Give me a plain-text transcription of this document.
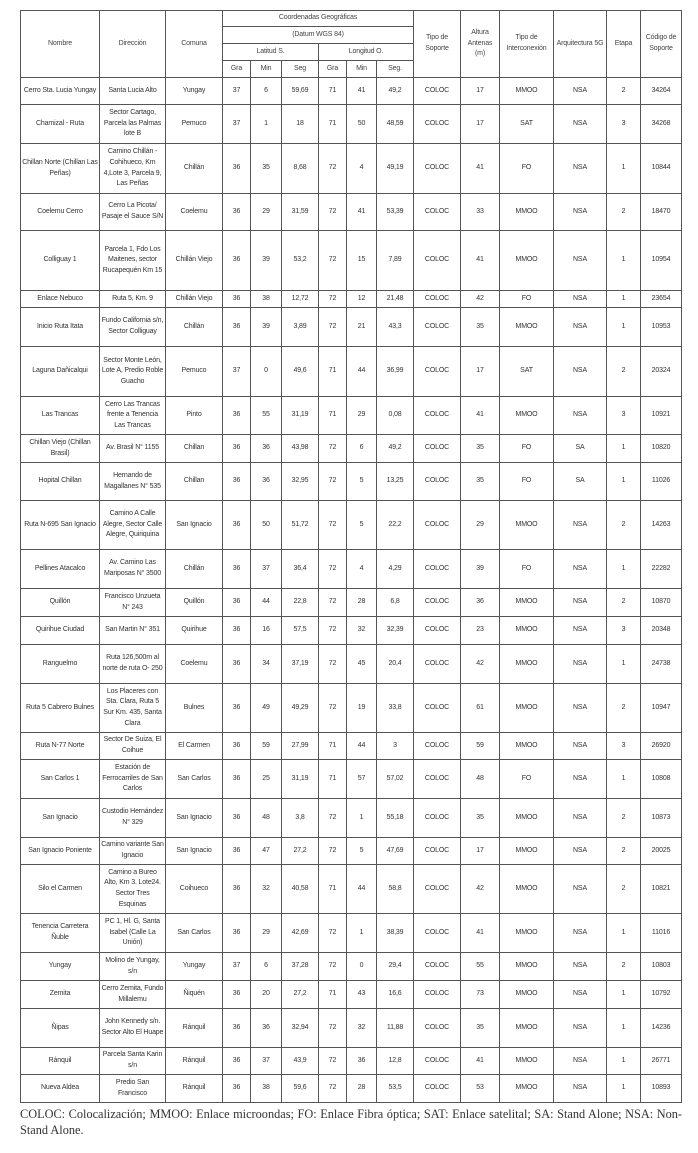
Nombre	Dirección	Comuna	Coordenadas Geográficas						Tipo de Soporte	Altura Antenas (m)	Tipo de Interconexión	Arquitectura 5G	Etapa	Código de Soporte
			(Datum WGS 84)											
			Latitud S.			Longitud O.								
			Gra	Min	Seg	Gra	Min	Seg.						
Cerro Sta. Lucia Yungay	Santa Lucia Alto	Yungay	37	6	59,69	71	41	49,2	COLOC	17	MMOO	NSA	2	34264
Chamizal - Ruta	Sector Cartago, Parcela las Palmas lote B	Pemuco	37	1	18	71	50	48,59	COLOC	17	SAT	NSA	3	34268
Chillan Norte (Chillan Las Peñas)	Camino Chillán - Cohihueco, Km 4,Lote 3, Parcela 9, Las Peñas	Chillán	36	35	8,68	72	4	49,19	COLOC	41	FO	NSA	1	10844
Coelemu Cerro	Cerro La Picota/ Pasaje el Sauce S/N	Coelemu	36	29	31,59	72	41	53,39	COLOC	33	MMOO	NSA	2	18470
Colliguay 1	Parcela 1, Fdo Los Maitenes, sector Rucapequén Km 15	Chillán Viejo	36	39	53,2	72	15	7,89	COLOC	41	MMOO	NSA	1	10954
Enlace Nebuco	Ruta 5, Km. 9	Chillán Viejo	36	38	12,72	72	12	21,48	COLOC	42	FO	NSA	1	23654
Inicio Ruta Itata	Fundo California s/n, Sector Colliguay	Chillán	36	39	3,89	72	21	43,3	COLOC	35	MMOO	NSA	1	10953
Laguna Dañicalqui	Sector Monte León, Lote A, Predio Roble Guacho	Pemuco	37	0	49,6	71	44	36,99	COLOC	17	SAT	NSA	2	20324
Las Trancas	Cerro Las Trancas frente a Tenencia Las Trancas	Pinto	36	55	31,19	71	29	0,08	COLOC	41	MMOO	NSA	3	10921
Chillan Viejo (Chillan Brasil)	Av. Brasil N° 1155	Chillan	36	36	43,98	72	6	49,2	COLOC	35	FO	SA	1	10820
Hopital Chillan	Hernando de Magallanes N° 535	Chillan	36	36	32,95	72	5	13,25	COLOC	35	FO	SA	1	11026
Ruta N-695 San Ignacio	Camino A Calle Alegre, Sector Calle Alegre, Quiriquina	San Ignacio	36	50	51,72	72	5	22,2	COLOC	29	MMOO	NSA	2	14263
Pellines Atacalco	Av. Camino Las Mariposas N° 3500	Chillán	36	37	36,4	72	4	4,29	COLOC	39	FO	NSA	1	22282
Quillón	Francisco Unzueta N° 243	Quillón	36	44	22,8	72	28	6,8	COLOC	36	MMOO	NSA	2	10870
Quirihue Ciudad	San Martin N° 351	Quirihue	36	16	57,5	72	32	32,39	COLOC	23	MMOO	NSA	3	20348
Ranguelmo	Ruta 126,500m al norte de ruta O- 250	Coelemu	36	34	37,19	72	45	20,4	COLOC	42	MMOO	NSA	1	24738
Ruta 5 Cabrero Bulnes	Los Placeres con Sta. Clara, Ruta 5 Sur Km. 435, Santa Clara	Bulnes	36	49	49,29	72	19	33,8	COLOC	61	MMOO	NSA	2	10947
Ruta N-77 Norte	Sector De Suiza, El Coihue	El Carmen	36	59	27,99	71	44	3	COLOC	59	MMOO	NSA	3	26920
San Carlos 1	Estación de Ferrocarriles de San Carlos	San Carlos	36	25	31,19	71	57	57,02	COLOC	48	FO	NSA	1	10808
San Ignacio	Custodio Hernández N° 329	San Ignacio	36	48	3,8	72	1	55,18	COLOC	35	MMOO	NSA	2	10873
San Ignacio Poniente	Camino variante San Ignacio	San Ignacio	36	47	27,2	72	5	47,69	COLOC	17	MMOO	NSA	2	20025
Silo el Carmen	Camino a Bureo Alto, Km 3. Lote24. Sector Tres Esquinas	Coihueco	36	32	40,58	71	44	58,8	COLOC	42	MMOO	NSA	2	10821
Tenencia Carretera Ñuble	PC 1, Hl. G, Santa Isabel (Calle La Unión)	San Carlos	36	29	42,69	72	1	38,39	COLOC	41	MMOO	NSA	1	11016
Yungay	Molino de Yungay, s/n	Yungay	37	6	37,28	72	0	29,4	COLOC	55	MMOO	NSA	2	10803
Zemita	Cerro Zemita, Fundo Millalemu	Ñiquén	36	20	27,2	71	43	16,6	COLOC	73	MMOO	NSA	1	10792
Ñipas	John Kennedy s/n. Sector Alto El Huape	Ránquil	36	36	32,94	72	32	11,88	COLOC	35	MMOO	NSA	1	14236
Ránquil	Parcela Santa Karin s/n	Ránquil	36	37	43,9	72	36	12,8	COLOC	41	MMOO	NSA	1	26771
Nueva Aldea	Predio San Francisco	Ránquil	36	38	59,6	72	28	53,5	COLOC	53	MMOO	NSA	1	10893
COLOC: Colocalización; MMOO: Enlace microondas; FO: Enlace Fibra óptica; SAT: Enlace satelital; SA: Stand Alone; NSA: Non-Stand Alone.
